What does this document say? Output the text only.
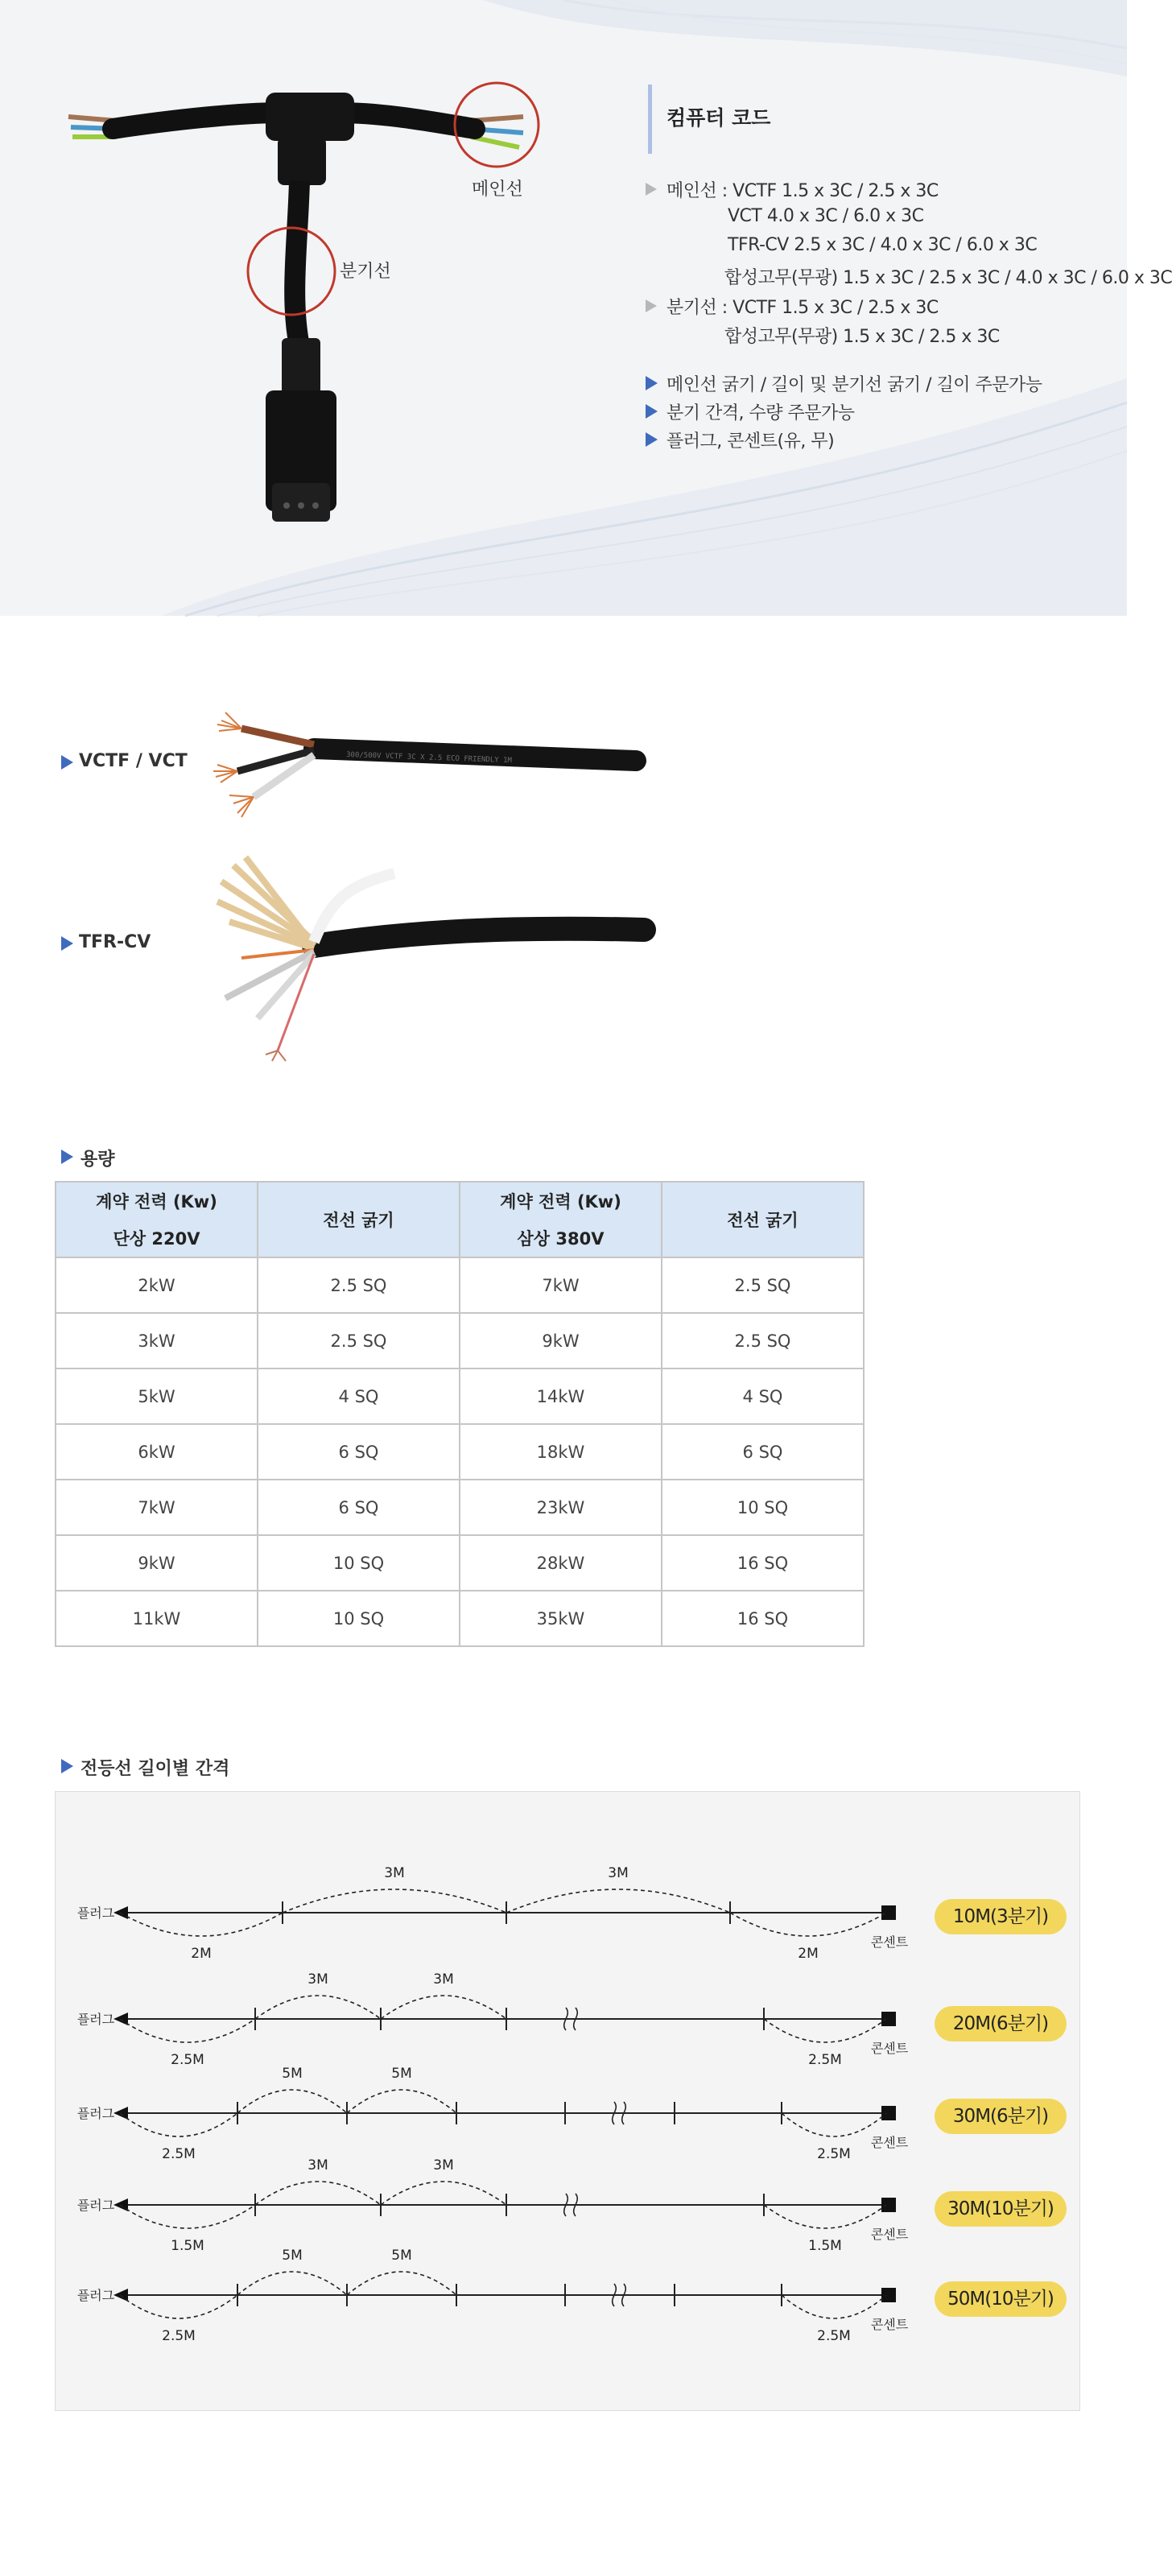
메인선
분기선
컴퓨터 코드
메인선 : VCTF 1.5 x 3C / 2.5 x 3C
VCT 4.0 x 3C / 6.0 x 3C
TFR-CV 2.5 x 3C / 4.0 x 3C / 6.0 x 3C
합성고무(무광) 1.5 x 3C / 2.5 x 3C / 4.0 x 3C / 6.0 x 3C
분기선 : VCTF 1.5 x 3C / 2.5 x 3C
합성고무(무광) 1.5 x 3C / 2.5 x 3C
메인선 굵기 / 길이 및 분기선 굵기 / 길이 주문가능
분기 간격, 수량 주문가능
플러그, 콘센트(유, 무)
VCTF / VCT	300/500V VCTF 3C X 2.5 ECO FRIENDLY 1M
TFR-CV
용량
계약 전력 (Kw)	전선 굵기	계약 전력 (Kw)	전선 굵기
단상 220V		삼상 380V	
2kW	2.5 SQ	7kW	2.5 SQ
3kW	2.5 SQ	9kW	2.5 SQ
5kW	4 SQ	14kW	4 SQ
6kW	6 SQ	18kW	6 SQ
7kW	6 SQ	23kW	10 SQ
9kW	10 SQ	28kW	16 SQ
11kW	10 SQ	35kW	16 SQ
전등선 길이별 간격
플러그
콘센트
2M	2M
3M	3M
플러그
콘센트
2.5M	2.5M
3M	3M
플러그
콘센트
2.5M	2.5M
5M	5M
플러그
콘센트
1.5M	1.5M
3M	3M
플러그
콘센트
2.5M	2.5M
5M	5M
10M(3분기)
20M(6분기)
30M(6분기)
30M(10분기)
50M(10분기)
